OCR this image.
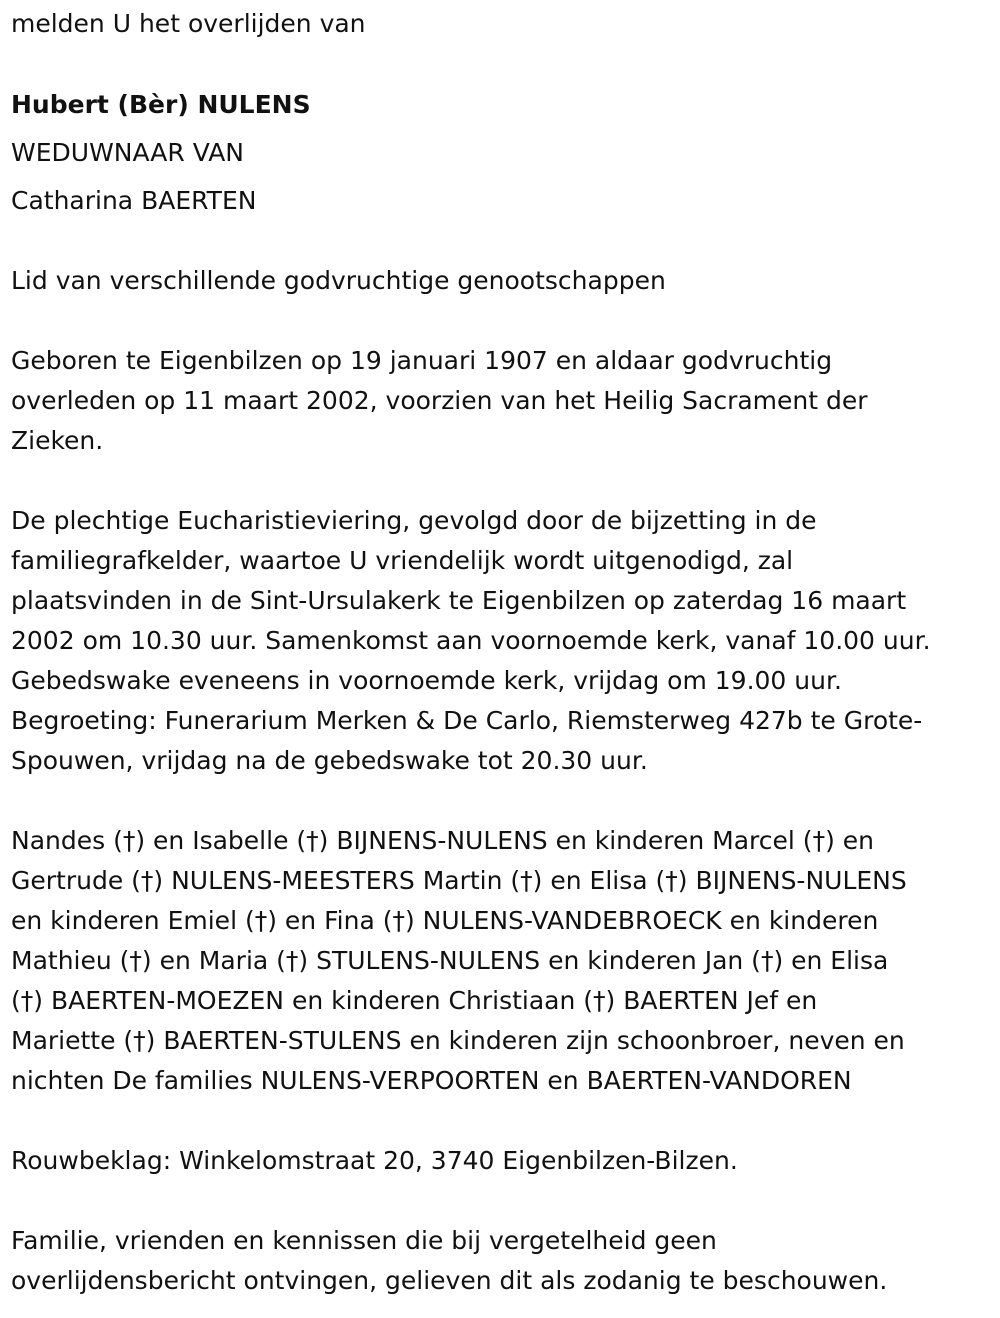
melden U het overlijden van

Hubert (Bèr) NULENS

WEDUWNAAR VAN

Catharina BAERTEN

Lid van verschillende godvruchtige genootschappen

Geboren te Eigenbilzen op 19 januari 1907 en aldaar godvruchtig
overleden op 11 maart 2002, voorzien van het Heilig Sacrament der
Zieken.
De plechtige Eucharistieviering, gevolgd door de bijzetting in de
familiegrafkelder, waartoe U vriendelijk wordt uitgenodigd, zal
plaatsvinden in de Sint-Ursulakerk te Eigenbilzen op zaterdag 16 maart
2002 om 10.30 uur. Samenkomst aan voornoemde kerk, vanaf 10.00 uur.
Gebedswake eveneens in voornoemde kerk, vrijdag om 19.00 uur.
Begroeting: Funerarium Merken & De Carlo, Riemsterweg 427b te Grote-
Spouwen, vrijdag na de gebedswake tot 20.30 uur.
Nandes (†) en Isabelle (†) BIJNENS-NULENS en kinderen Marcel (†) en
Gertrude (†) NULENS-MEESTERS Martin (†) en Elisa (†) BIJNENS-NULENS
en kinderen Emiel (†) en Fina (†) NULENS-VANDEBROECK en kinderen
Mathieu (†) en Maria (†) STULENS-NULENS en kinderen Jan (†) en Elisa
(†) BAERTEN-MOEZEN en kinderen Christiaan (†) BAERTEN Jef en
Mariette (†) BAERTEN-STULENS en kinderen zijn schoonbroer, neven en
nichten De families NULENS-VERPOORTEN en BAERTEN-VANDOREN
Rouwbeklag: Winkelomstraat 20, 3740 Eigenbilzen-Bilzen.
Familie, vrienden en kennissen die bij vergetelheid geen
overlijdensbericht ontvingen, gelieven dit als zodanig te beschouwen.
